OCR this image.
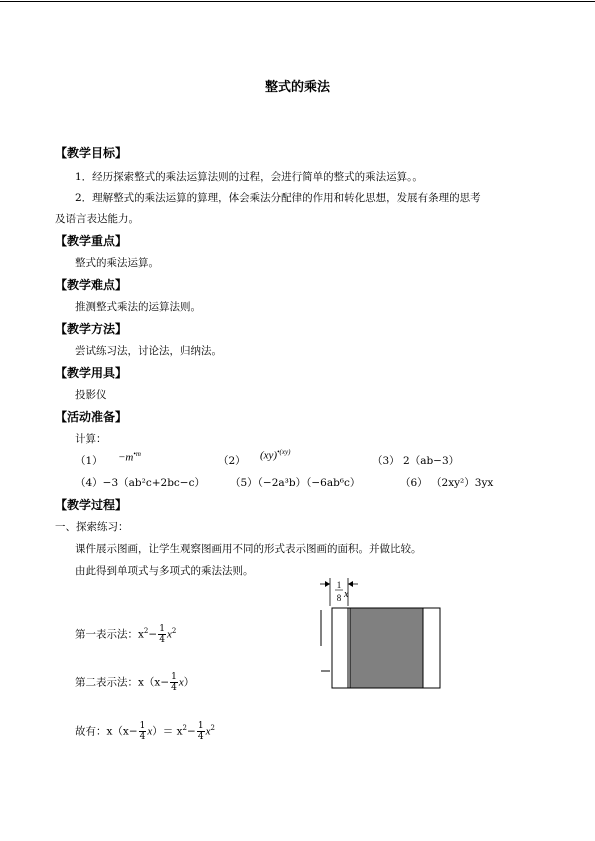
整式的乘法
【教学目标】
1．经历探索整式的乘法运算法则的过程，会进行简单的整式的乘法运算。。
2．理解整式的乘法运算的算理，体会乘法分配律的作用和转化思想，发展有条理的思考
及语言表达能力。
【教学重点】
整式的乘法运算。
【教学难点】
推测整式乘法的运算法则。
【教学方法】
尝试练习法，讨论法，归纳法。
【教学用具】
投影仪
【活动准备】
计算：
$(1) -m^{•m}$
（2） (xy)$^{•(xy)}$
（3） 2（ab−3）
（4）−3（ab²c+2bc−c） （5）（−2a³b）（−6ab⁶c）	（6） （2xy²）3yx
【教学过程】
一、探索练习：
课件展示图画，让学生观察图画用不同的形式表示图画的面积。并做比较。
由此得到单项式与多项式的乘法法则。
第一表示法：$x^2- \frac{1}{4} x^2$
第二表示法：$x(x- \frac{1}{4} x)$
故有：$x(x- \frac{1}{4} x)= x^2- \frac{1}{4} x^2$
1
8 x
